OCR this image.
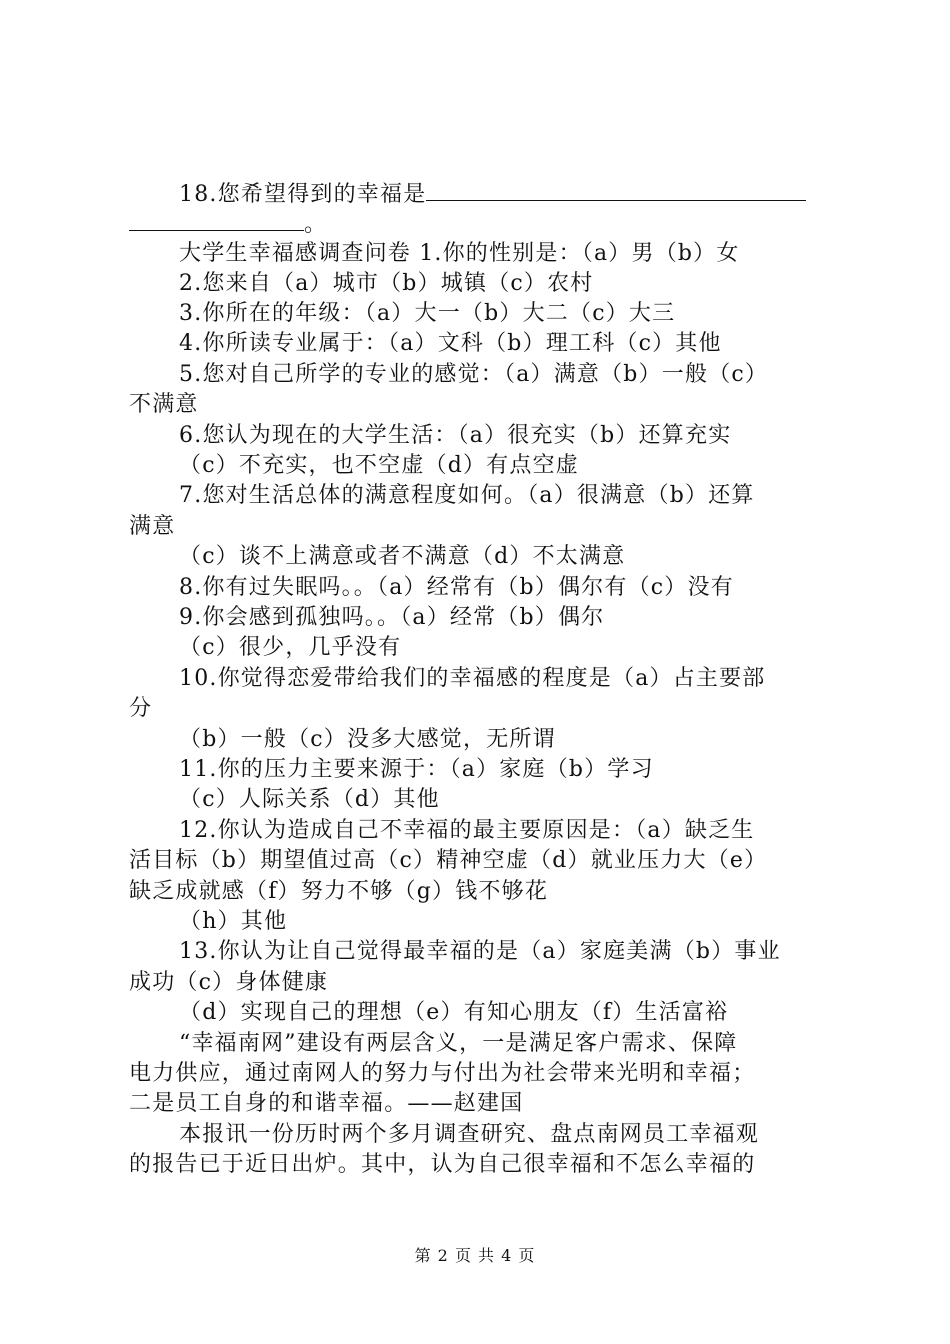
18.您希望得到的幸福是
。
大学生幸福感调查问卷 1.你的性别是：（a）男（b）女
2.您来自（a）城市（b）城镇（c）农村
3.你所在的年级：（a）大一（b）大二（c）大三
4.你所读专业属于：（a）文科（b）理工科（c）其他
5.您对自己所学的专业的感觉：（a）满意（b）一般（c）
不满意
6.您认为现在的大学生活：（a）很充实（b）还算充实
（c）不充实，也不空虚（d）有点空虚
7.您对生活总体的满意程度如何。（a）很满意（b）还算
满意
（c）谈不上满意或者不满意（d）不太满意
8.你有过失眠吗。。（a）经常有（b）偶尔有（c）没有
9.你会感到孤独吗。。（a）经常（b）偶尔
（c）很少，几乎没有
10.你觉得恋爱带给我们的幸福感的程度是（a）占主要部
分
（b）一般（c）没多大感觉，无所谓
11.你的压力主要来源于：（a）家庭（b）学习
（c）人际关系（d）其他
12.你认为造成自己不幸福的最主要原因是：（a）缺乏生
活目标（b）期望值过高（c）精神空虚（d）就业压力大（e）
缺乏成就感（f）努力不够（g）钱不够花
（h）其他
13.你认为让自己觉得最幸福的是（a）家庭美满（b）事业
成功（c）身体健康
（d）实现自己的理想（e）有知心朋友（f）生活富裕
“幸福南网”建设有两层含义，一是满足客户需求、保障
电力供应，通过南网人的努力与付出为社会带来光明和幸福；
二是员工自身的和谐幸福。——赵建国
本报讯一份历时两个多月调查研究、盘点南网员工幸福观
的报告已于近日出炉。其中，认为自己很幸福和不怎么幸福的
第 2 页 共 4 页
